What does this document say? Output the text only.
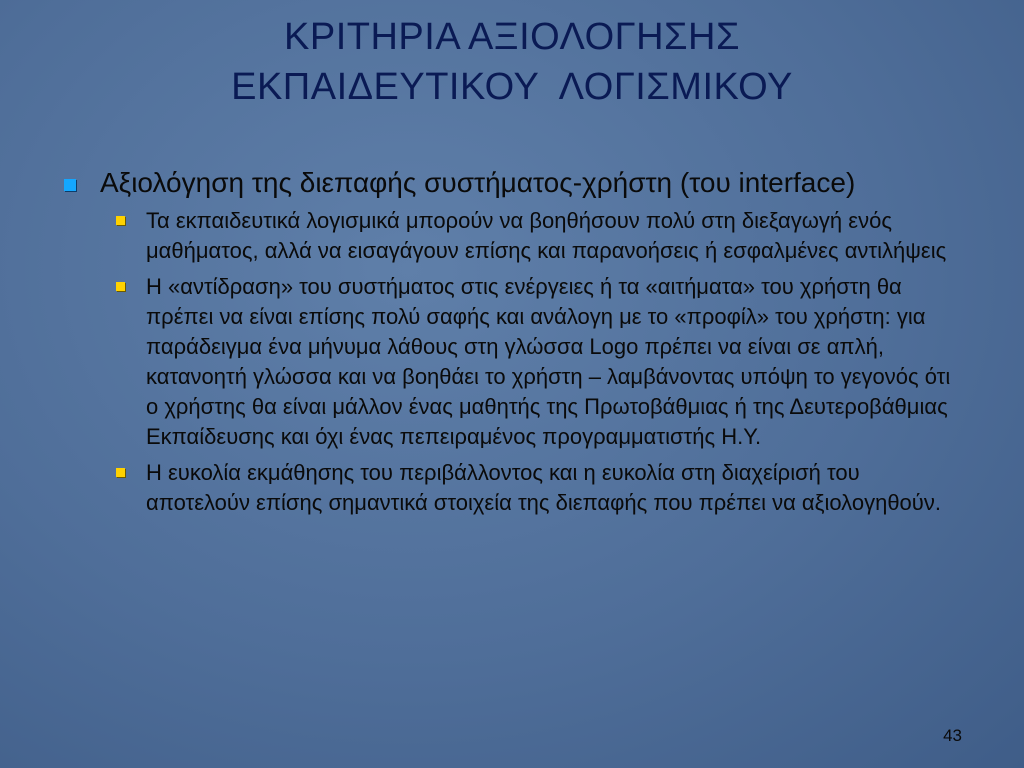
ΚΡΙΤΗΡΙΑ ΑΞΙΟΛΟΓΗΣΗΣ
ΕΚΠΑΙΔΕΥΤΙΚΟΥ  ΛΟΓΙΣΜΙΚΟΥ
Αξιολόγηση της διεπαφής συστήματος-χρήστη (του interface)
Τα εκπαιδευτικά λογισμικά μπορούν να βοηθήσουν πολύ στη διεξαγωγή ενός μαθήματος, αλλά να εισαγάγουν επίσης και παρανοήσεις ή εσφαλμένες αντιλήψεις
Η «αντίδραση» του συστήματος στις ενέργειες ή τα «αιτήματα» του χρήστη θα πρέπει να είναι επίσης πολύ σαφής και ανάλογη με το «προφίλ» του χρήστη: για παράδειγμα ένα μήνυμα λάθους στη γλώσσα Logo πρέπει να είναι σε απλή, κατανοητή γλώσσα και να βοηθάει το χρήστη – λαμβάνοντας υπόψη το γεγονός ότι ο χρήστης θα είναι μάλλον ένας μαθητής της Πρωτοβάθμιας ή της Δευτεροβάθμιας Εκπαίδευσης και όχι ένας πεπειραμένος προγραμματιστής Η.Υ.
Η ευκολία εκμάθησης του περιβάλλοντος και η ευκολία στη διαχείρισή του αποτελούν επίσης σημαντικά στοιχεία της διεπαφής που πρέπει να αξιολογηθούν.
43
